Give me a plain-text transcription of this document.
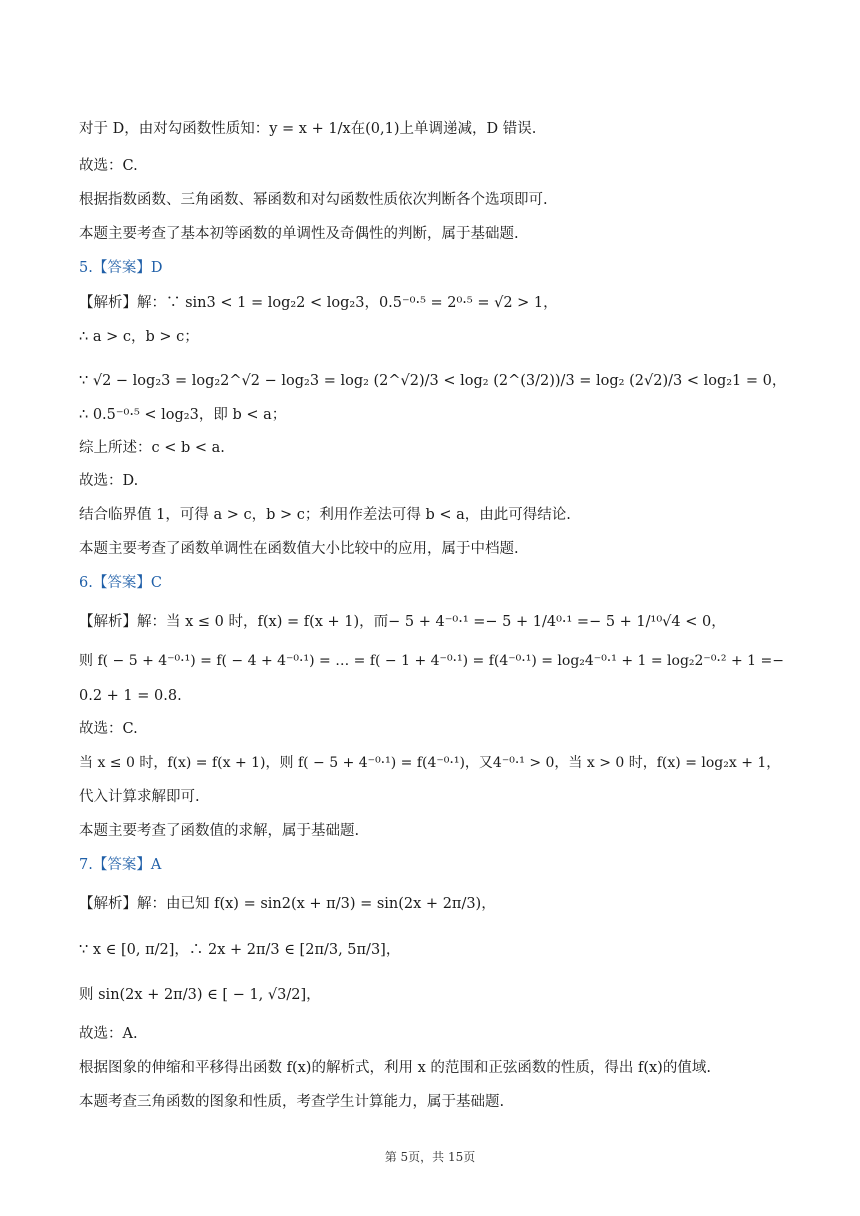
对于 D，由对勾函数性质知：y = x + 1/x在(0,1)上单调递减，D 错误.
故选：C.
根据指数函数、三角函数、幂函数和对勾函数性质依次判断各个选项即可.
本题主要考查了基本初等函数的单调性及奇偶性的判断，属于基础题.
5.【答案】D
【解析】解：∵ sin3 < 1 = log₂2 < log₂3，0.5⁻⁰·⁵ = 2⁰·⁵ = √2 > 1，
∴ a > c，b > c；
∵ √2 − log₂3 = log₂2^√2 − log₂3 = log₂ (2^√2)/3 < log₂ (2^(3/2))/3 = log₂ (2√2)/3 < log₂1 = 0，
∴ 0.5⁻⁰·⁵ < log₂3，即 b < a；
综上所述：c < b < a.
故选：D.
结合临界值 1，可得 a > c，b > c；利用作差法可得 b < a，由此可得结论.
本题主要考查了函数单调性在函数值大小比较中的应用，属于中档题.
6.【答案】C
【解析】解：当 x ≤ 0 时，f(x) = f(x + 1)，而− 5 + 4⁻⁰·¹ =− 5 + 1/4⁰·¹ =− 5 + 1/¹⁰√4 < 0，
则 f( − 5 + 4⁻⁰·¹) = f( − 4 + 4⁻⁰·¹) = … = f( − 1 + 4⁻⁰·¹) = f(4⁻⁰·¹) = log₂4⁻⁰·¹ + 1 = log₂2⁻⁰·² + 1 =−
0.2 + 1 = 0.8.
故选：C.
当 x ≤ 0 时，f(x) = f(x + 1)，则 f( − 5 + 4⁻⁰·¹) = f(4⁻⁰·¹)，又4⁻⁰·¹ > 0，当 x > 0 时，f(x) = log₂x + 1，
代入计算求解即可.
本题主要考查了函数值的求解，属于基础题.
7.【答案】A
【解析】解：由已知 f(x) = sin2(x + π/3) = sin(2x + 2π/3)，
∵ x ∈ [0, π/2]，∴ 2x + 2π/3 ∈ [2π/3, 5π/3]，
则 sin(2x + 2π/3) ∈ [ − 1, √3/2]，
故选：A.
根据图象的伸缩和平移得出函数 f(x)的解析式，利用 x 的范围和正弦函数的性质，得出 f(x)的值域.
本题考查三角函数的图象和性质，考查学生计算能力，属于基础题.
第 5页，共 15页
